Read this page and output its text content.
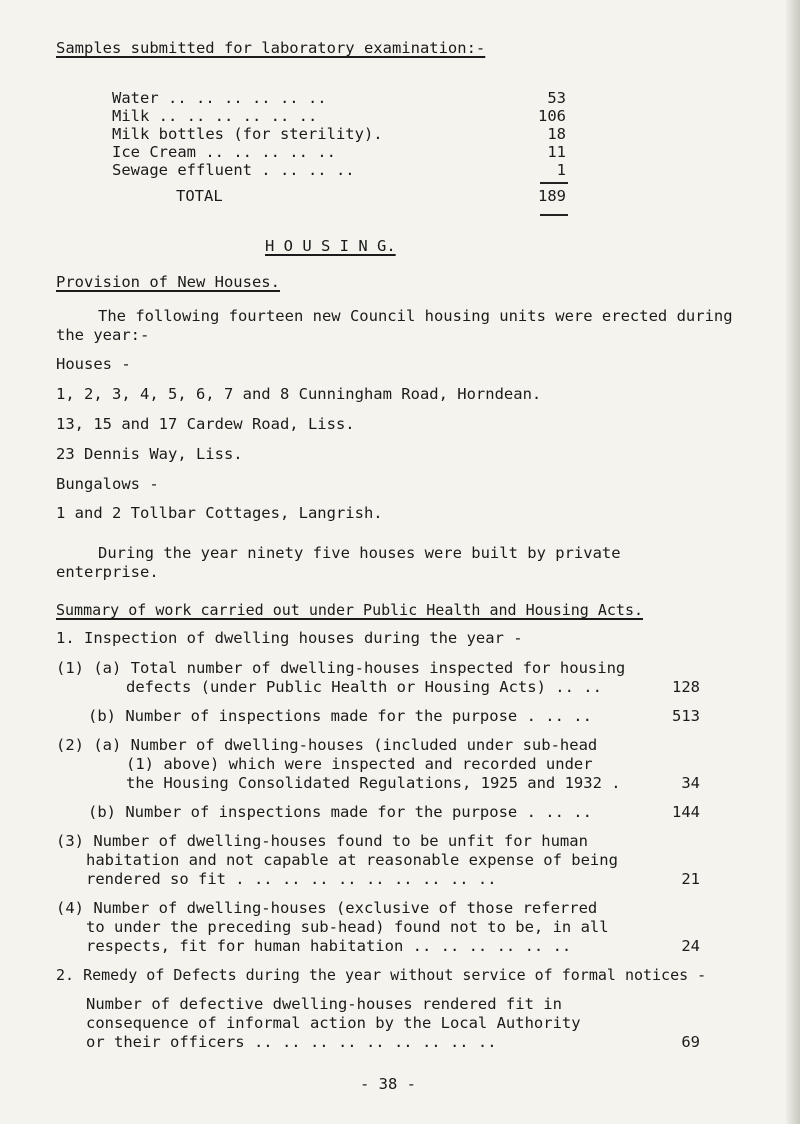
Samples submitted for laboratory examination:-
Water .. .. .. .. .. ..	53
Milk .. .. .. .. .. ..	106
Milk bottles (for sterility).	18
Ice Cream .. .. .. .. ..	11
Sewage effluent . .. .. ..	1
TOTAL	189
H O U S I N G.
Provision of New Houses.
The following fourteen new Council housing units were erected during
the year:-
Houses -
1, 2, 3, 4, 5, 6, 7 and 8 Cunningham Road, Horndean.
13, 15 and 17 Cardew Road, Liss.
23 Dennis Way, Liss.
Bungalows -
1 and 2 Tollbar Cottages, Langrish.
During the year ninety five houses were built by private
enterprise.
Summary of work carried out under Public Health and Housing Acts.
1. Inspection of dwelling houses during the year -
(1) (a) Total number of dwelling-houses inspected for housing
defects (under Public Health or Housing Acts) .. ..	128
(b) Number of inspections made for the purpose . .. ..	513
(2) (a) Number of dwelling-houses (included under sub-head
(1) above) which were inspected and recorded under
the Housing Consolidated Regulations, 1925 and 1932 .	34
(b) Number of inspections made for the purpose . .. ..	144
(3) Number of dwelling-houses found to be unfit for human
habitation and not capable at reasonable expense of being
rendered so fit . .. .. .. .. .. .. .. .. ..	21
(4) Number of dwelling-houses (exclusive of those referred
to under the preceding sub-head) found not to be, in all
respects, fit for human habitation .. .. .. .. .. ..	24
2. Remedy of Defects during the year without service of formal notices -
Number of defective dwelling-houses rendered fit in
consequence of informal action by the Local Authority
or their officers .. .. .. .. .. .. .. .. ..	69
- 38 -
